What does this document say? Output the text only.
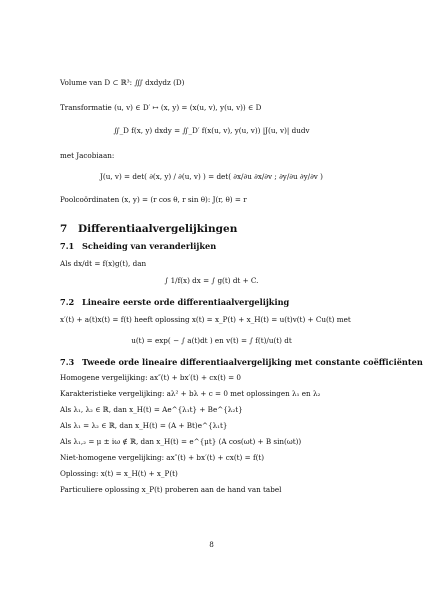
Volume van D ⊂ ℝ³: ∭ dxdydz (D)
Transformatie (u, v) ∈ D′ ↦ (x, y) = (x(u, v), y(u, v)) ∈ D
∬_D f(x, y) dxdy = ∬_D′ f(x(u, v), y(u, v)) |J(u, v)| dudv
met Jacobiaan:
J(u, v) = det( ∂(x, y) / ∂(u, v) ) = det( ∂x/∂u ∂x/∂v ; ∂y/∂u ∂y/∂v )
Poolcoördinaten (x, y) = (r cos θ, r sin θ): J(r, θ) = r
7 Differentiaalvergelijkingen
7.1 Scheiding van veranderlijken
Als dx/dt = f(x)g(t), dan
∫ 1/f(x) dx = ∫ g(t) dt + C.
7.2 Lineaire eerste orde differentiaalvergelijking
x′(t) + a(t)x(t) = f(t) heeft oplossing x(t) = x_P(t) + x_H(t) = u(t)v(t) + Cu(t) met
u(t) = exp( − ∫ a(t)dt ) en v(t) = ∫ f(t)/u(t) dt
7.3 Tweede orde lineaire differentiaalvergelijking met constante coëfficiënten
Homogene vergelijking: ax″(t) + bx′(t) + cx(t) = 0
Karakteristieke vergelijking: aλ² + bλ + c = 0 met oplossingen λ₁ en λ₂
Als λ₁, λ₂ ∈ ℝ, dan x_H(t) = Ae^{λ₁t} + Be^{λ₂t}
Als λ₁ = λ₂ ∈ ℝ, dan x_H(t) = (A + Bt)e^{λ₁t}
Als λ₁,₂ = μ ± iω ∉ ℝ, dan x_H(t) = e^{μt} (A cos(ωt) + B sin(ωt))
Niet-homogene vergelijking: ax″(t) + bx′(t) + cx(t) = f(t)
Oplossing: x(t) = x_H(t) + x_P(t)
Particuliere oplossing x_P(t) proberen aan de hand van tabel
8
